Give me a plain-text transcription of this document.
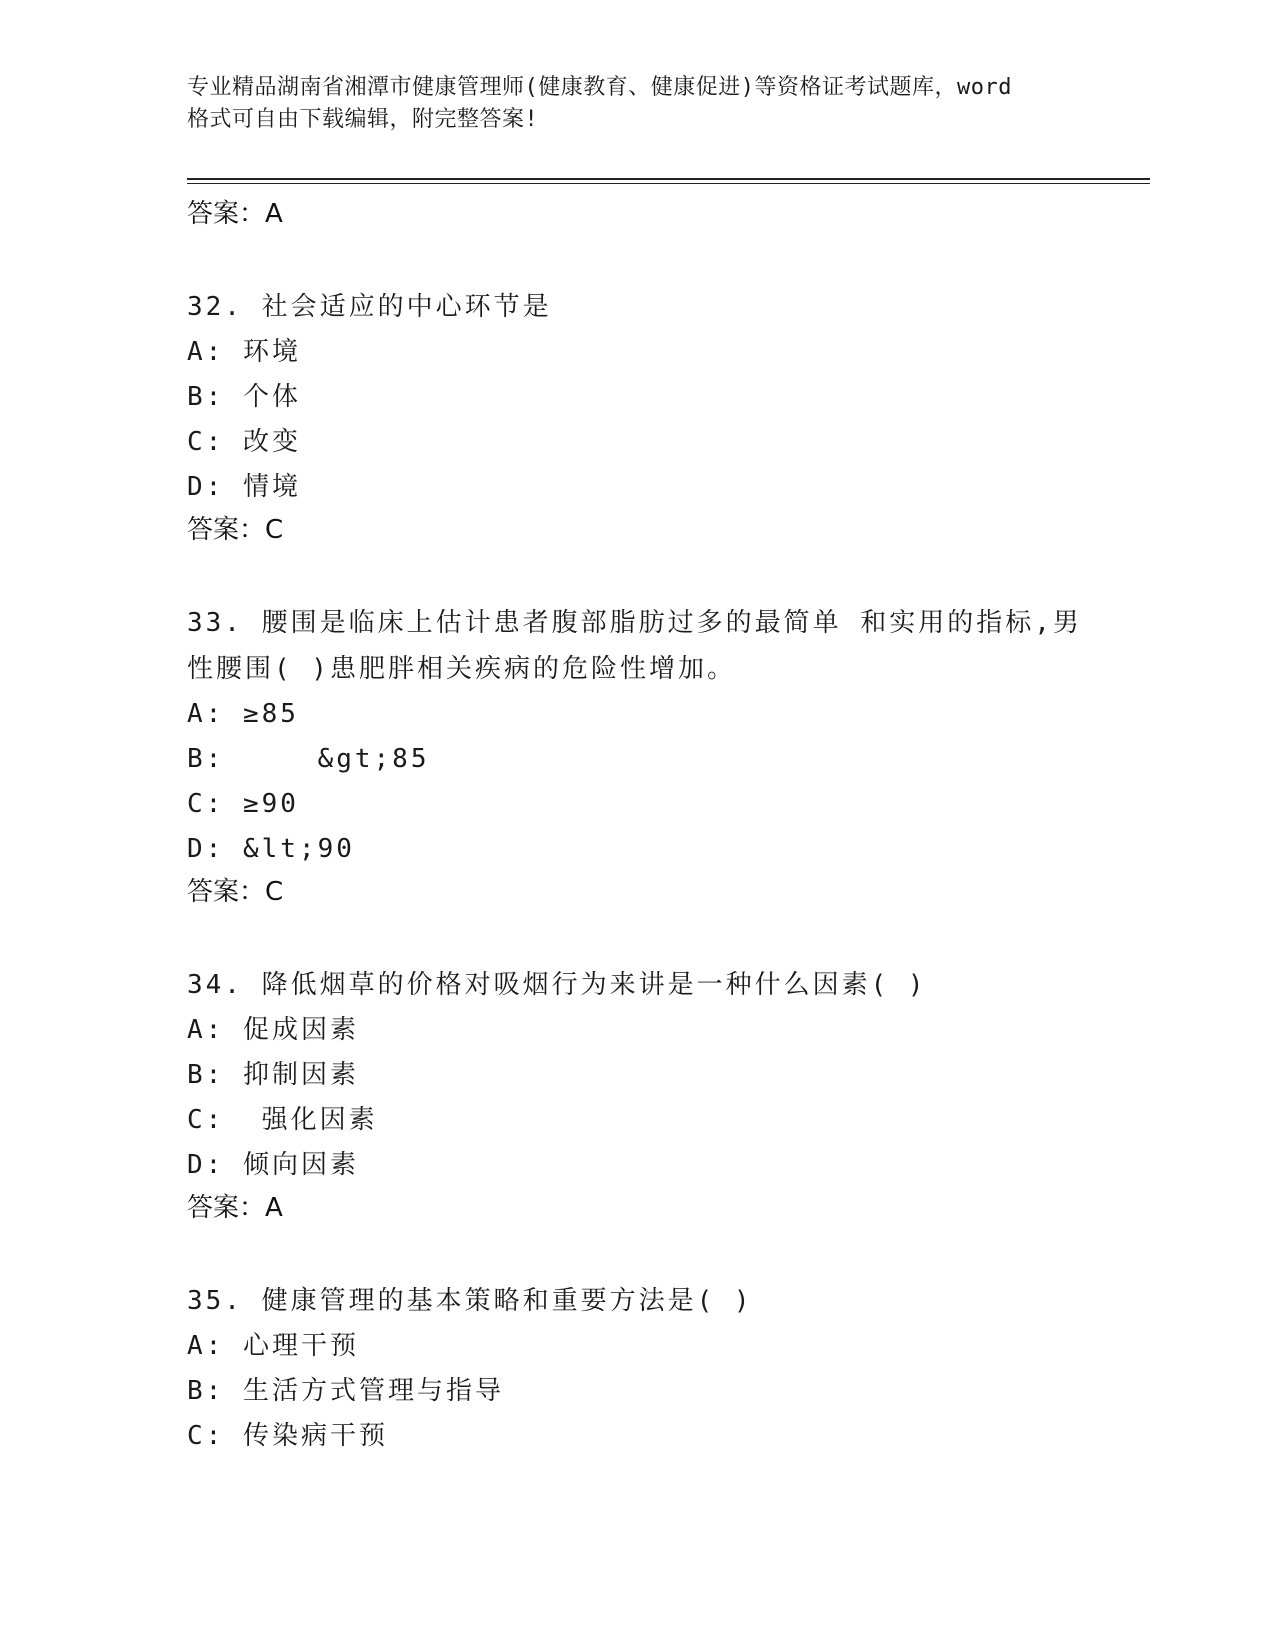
专业精品湖南省湘潭市健康管理师(健康教育、健康促进)等资格证考试题库，word
格式可自由下载编辑，附完整答案!
答案：A
32. 社会适应的中心环节是
A: 环境
B: 个体
C: 改变
D: 情境
答案：C
33. 腰围是临床上估计患者腹部脂肪过多的最简单 和实用的指标,男
性腰围( )患肥胖相关疾病的危险性增加。
A: ≥85
B:     &gt;85
C: ≥90
D: &lt;90
答案：C
34. 降低烟草的价格对吸烟行为来讲是一种什么因素( )
A: 促成因素
B: 抑制因素
C:  强化因素
D: 倾向因素
答案：A
35. 健康管理的基本策略和重要方法是( )
A: 心理干预
B: 生活方式管理与指导
C: 传染病干预
